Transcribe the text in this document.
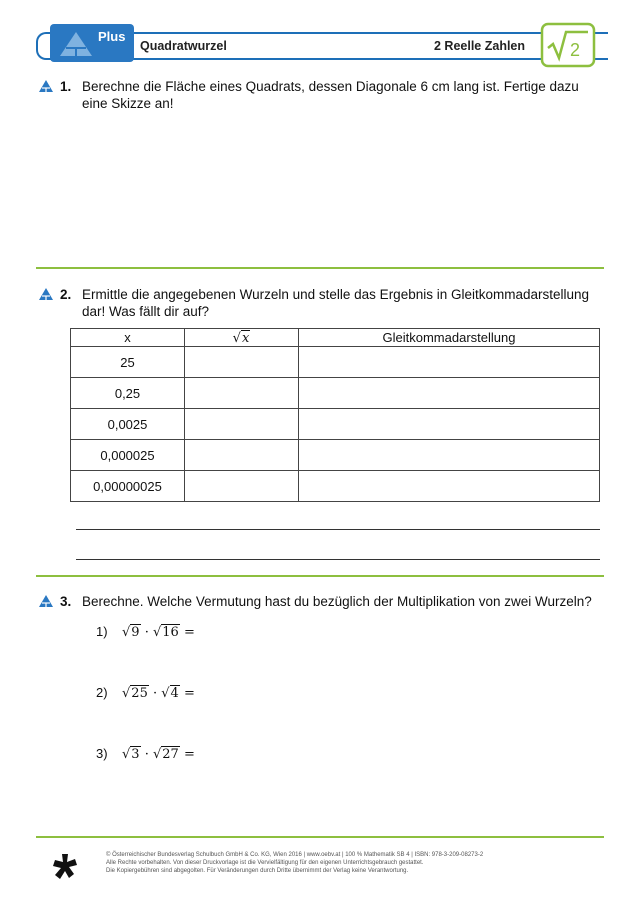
Plus
Quadratwurzel	2 Reelle Zahlen 2
1. Berechne die Fläche eines Quadrats, dessen Diagonale 6 cm lang ist. Fertige dazu eine Skizze an!
2. Ermittle die angegebenen Wurzeln und stelle das Ergebnis in Gleitkommadarstellung dar! Was fällt dir auf?
x	√x	Gleitkommadarstellung
25		
0,25		
0,0025		
0,000025		
0,00000025		
3. Berechne. Welche Vermutung hast du bezüglich der Multiplikation von zwei Wurzeln?
1) √9 · √16 =
2) √25 · √4 =
3) √3 · √27 =
© Österreichischer Bundesverlag Schulbuch GmbH & Co. KG, Wien 2016 | www.oebv.at | 100 % Mathematik SB 4 | ISBN: 978-3-209-08273-2
Alle Rechte vorbehalten. Von dieser Druckvorlage ist die Vervielfältigung für den eigenen Unterrichtsgebrauch gestattet.
Die Kopiergebühren sind abgegolten. Für Veränderungen durch Dritte übernimmt der Verlag keine Verantwortung.
